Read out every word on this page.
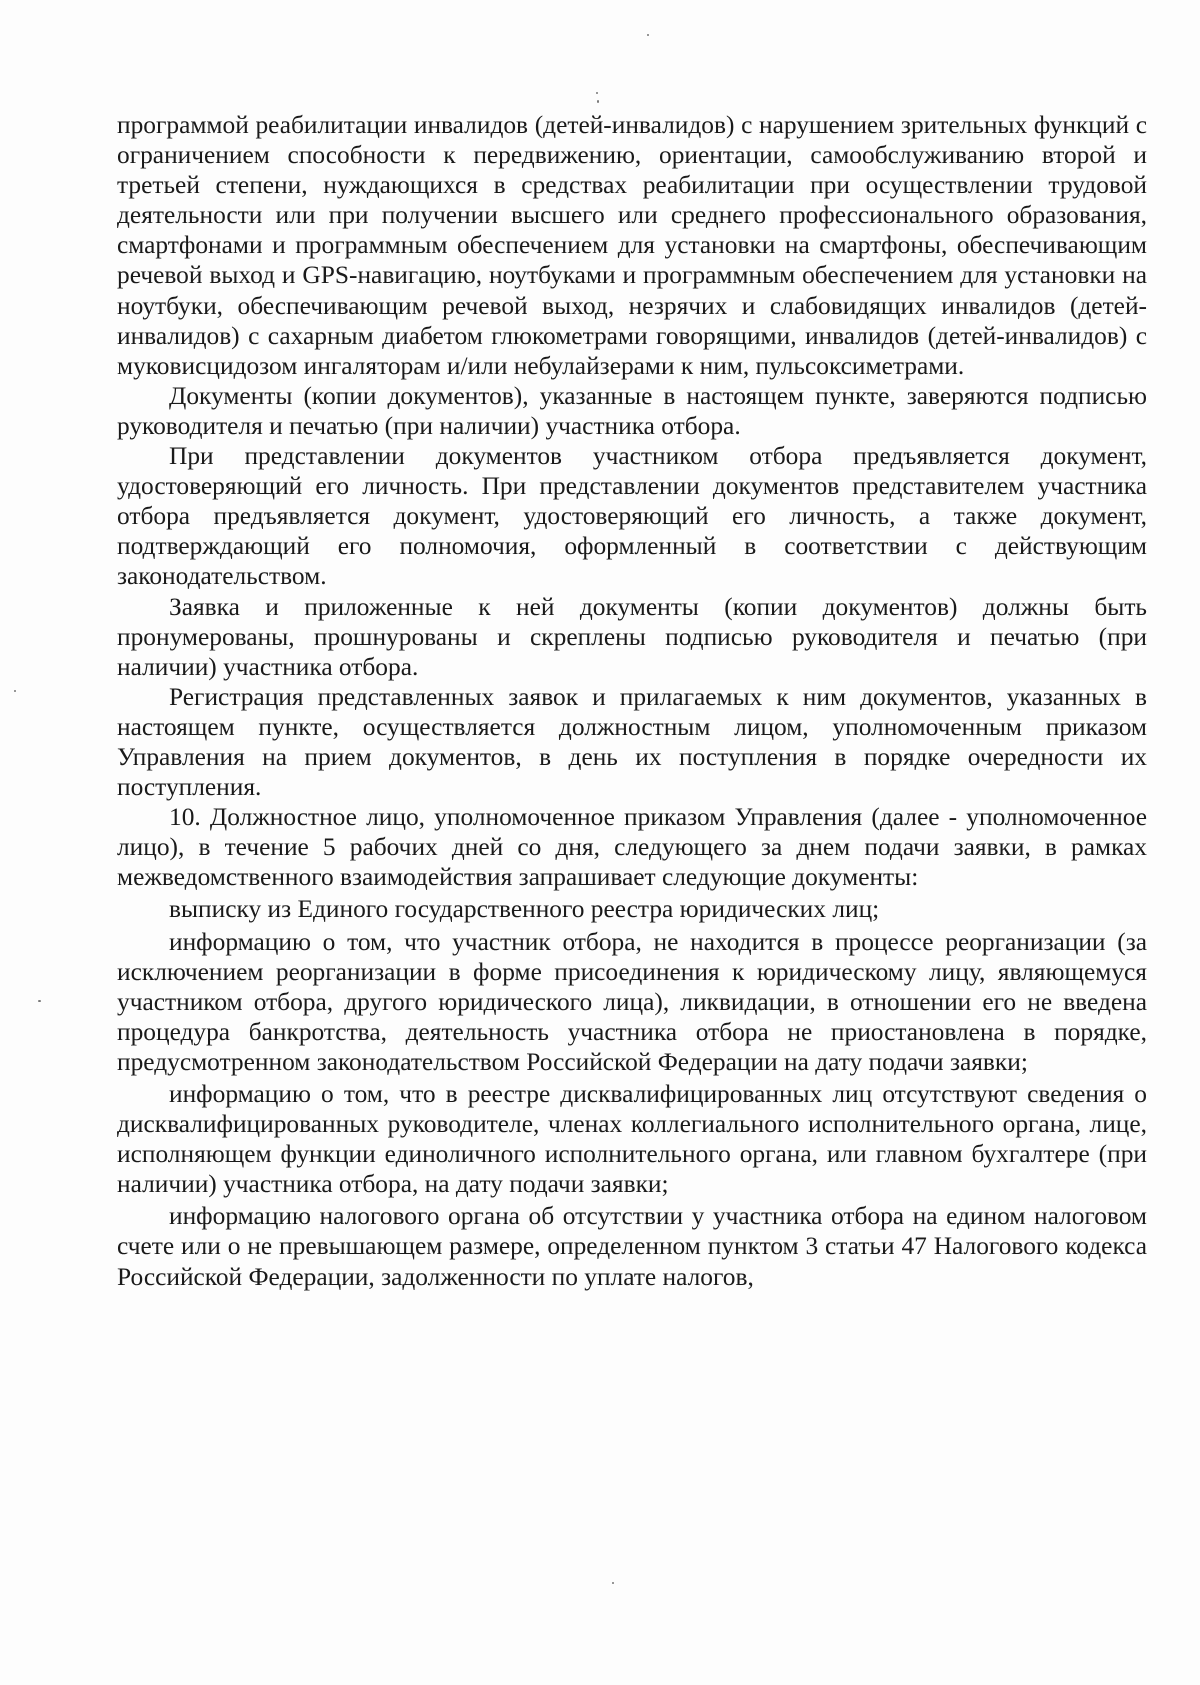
программой реабилитации инвалидов (детей-инвалидов) с нарушением зрительных функций с ограничением способности к передвижению, ориентации, самообслуживанию второй и третьей степени, нуждающихся в средствах реабилитации при осуществлении трудовой деятельности или при получении высшего или среднего профессионального образования, смартфонами и программным обеспечением для установки на смартфоны, обеспечивающим речевой выход и GPS-навигацию, ноутбуками и программным обеспечением для установки на ноутбуки, обеспечивающим речевой выход, незрячих и слабовидящих инвалидов (детей-инвалидов) с сахарным диабетом глюкометрами говорящими, инвалидов (детей-инвалидов) с муковисцидозом ингаляторам и/или небулайзерами к ним, пульсоксиметрами.

Документы (копии документов), указанные в настоящем пункте, заверяются подписью руководителя и печатью (при наличии) участника отбора.

При представлении документов участником отбора предъявляется документ, удостоверяющий его личность. При представлении документов представителем участника отбора предъявляется документ, удостоверяющий его личность, а также документ, подтверждающий его полномочия, оформленный в соответствии с действующим законодательством.

Заявка и приложенные к ней документы (копии документов) должны быть пронумерованы, прошнурованы и скреплены подписью руководителя и печатью (при наличии) участника отбора.

Регистрация представленных заявок и прилагаемых к ним документов, указанных в настоящем пункте, осуществляется должностным лицом, уполномоченным приказом Управления на прием документов, в день их поступления в порядке очередности их поступления.

10. Должностное лицо, уполномоченное приказом Управления (далее - уполномоченное лицо), в течение 5 рабочих дней со дня, следующего за днем подачи заявки, в рамках межведомственного взаимодействия запрашивает следующие документы:

выписку из Единого государственного реестра юридических лиц;

информацию о том, что участник отбора, не находится в процессе реорганизации (за исключением реорганизации в форме присоединения к юридическому лицу, являющемуся участником отбора, другого юридического лица), ликвидации, в отношении его не введена процедура банкротства, деятельность участника отбора не приостановлена в порядке, предусмотренном законодательством Российской Федерации на дату подачи заявки;

информацию о том, что в реестре дисквалифицированных лиц отсутствуют сведения о дисквалифицированных руководителе, членах коллегиального исполнительного органа, лице, исполняющем функции единоличного исполнительного органа, или главном бухгалтере (при наличии) участника отбора, на дату подачи заявки;

информацию налогового органа об отсутствии у участника отбора на едином налоговом счете или о не превышающем размере, определенном пунктом 3 статьи 47 Налогового кодекса Российской Федерации, задолженности по уплате налогов,
